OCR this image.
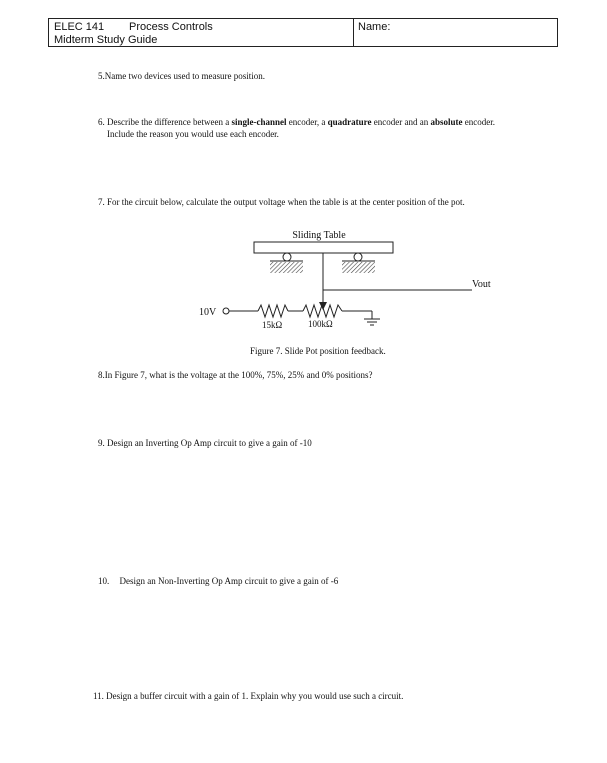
ELEC 141 Process Controls
Midterm Study Guide
Name:
5.Name two devices used to measure position.
6. Describe the difference between a single-channel encoder, a quadrature encoder and an absolute encoder.
Include the reason you would use each encoder.
7. For the circuit below, calculate the output voltage when the table is at the center position of the pot.
Sliding Table
Vout
10V
15kΩ	100kΩ
Figure 7. Slide Pot position feedback.
8.In Figure 7, what is the voltage at the 100%, 75%, 25% and 0% positions?
9. Design an Inverting Op Amp circuit to give a gain of -10
10. Design an Non-Inverting Op Amp circuit to give a gain of -6
11. Design a buffer circuit with a gain of 1. Explain why you would use such a circuit.
